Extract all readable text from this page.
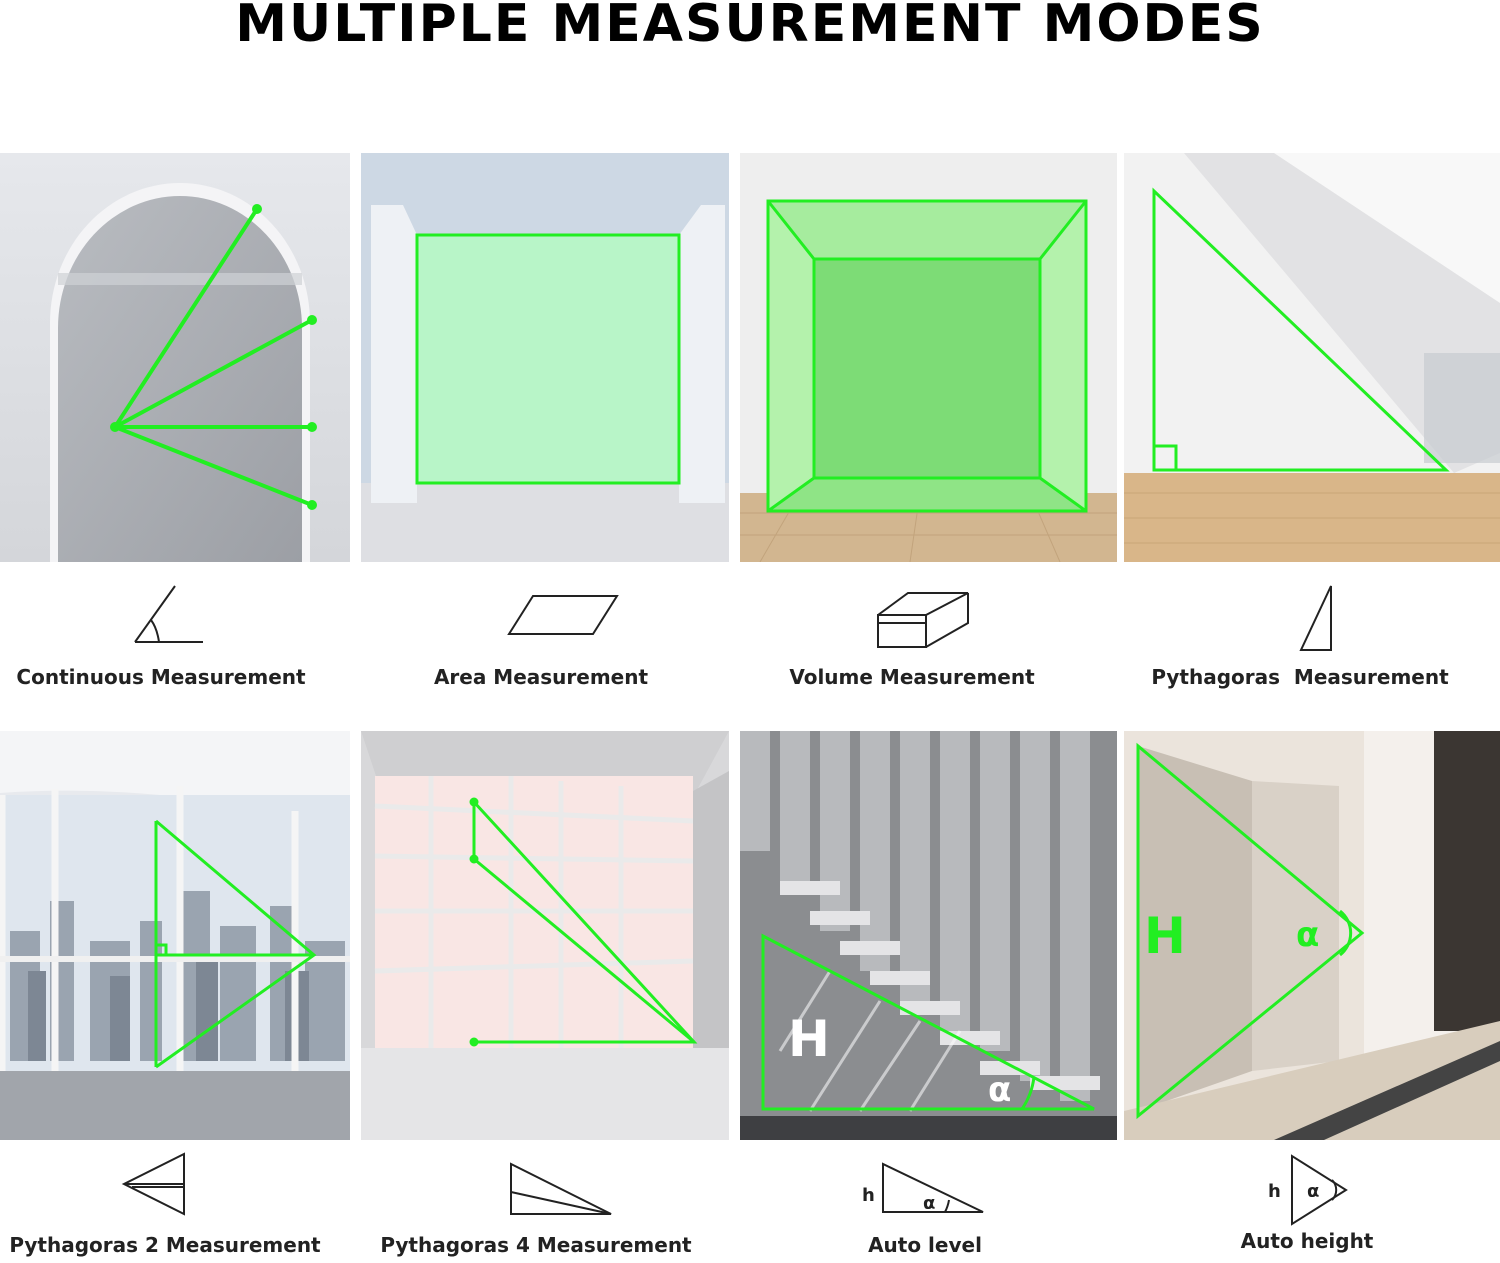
MULTIPLE MEASUREMENT MODES
Continuous Measurement	Area Measurement	Volume Measurement	Pythagoras  Measurement
H
α
H	α
Pythagoras 2 Measurement	Pythagoras 4 Measurement
h	α
Auto level
h α
Auto height
